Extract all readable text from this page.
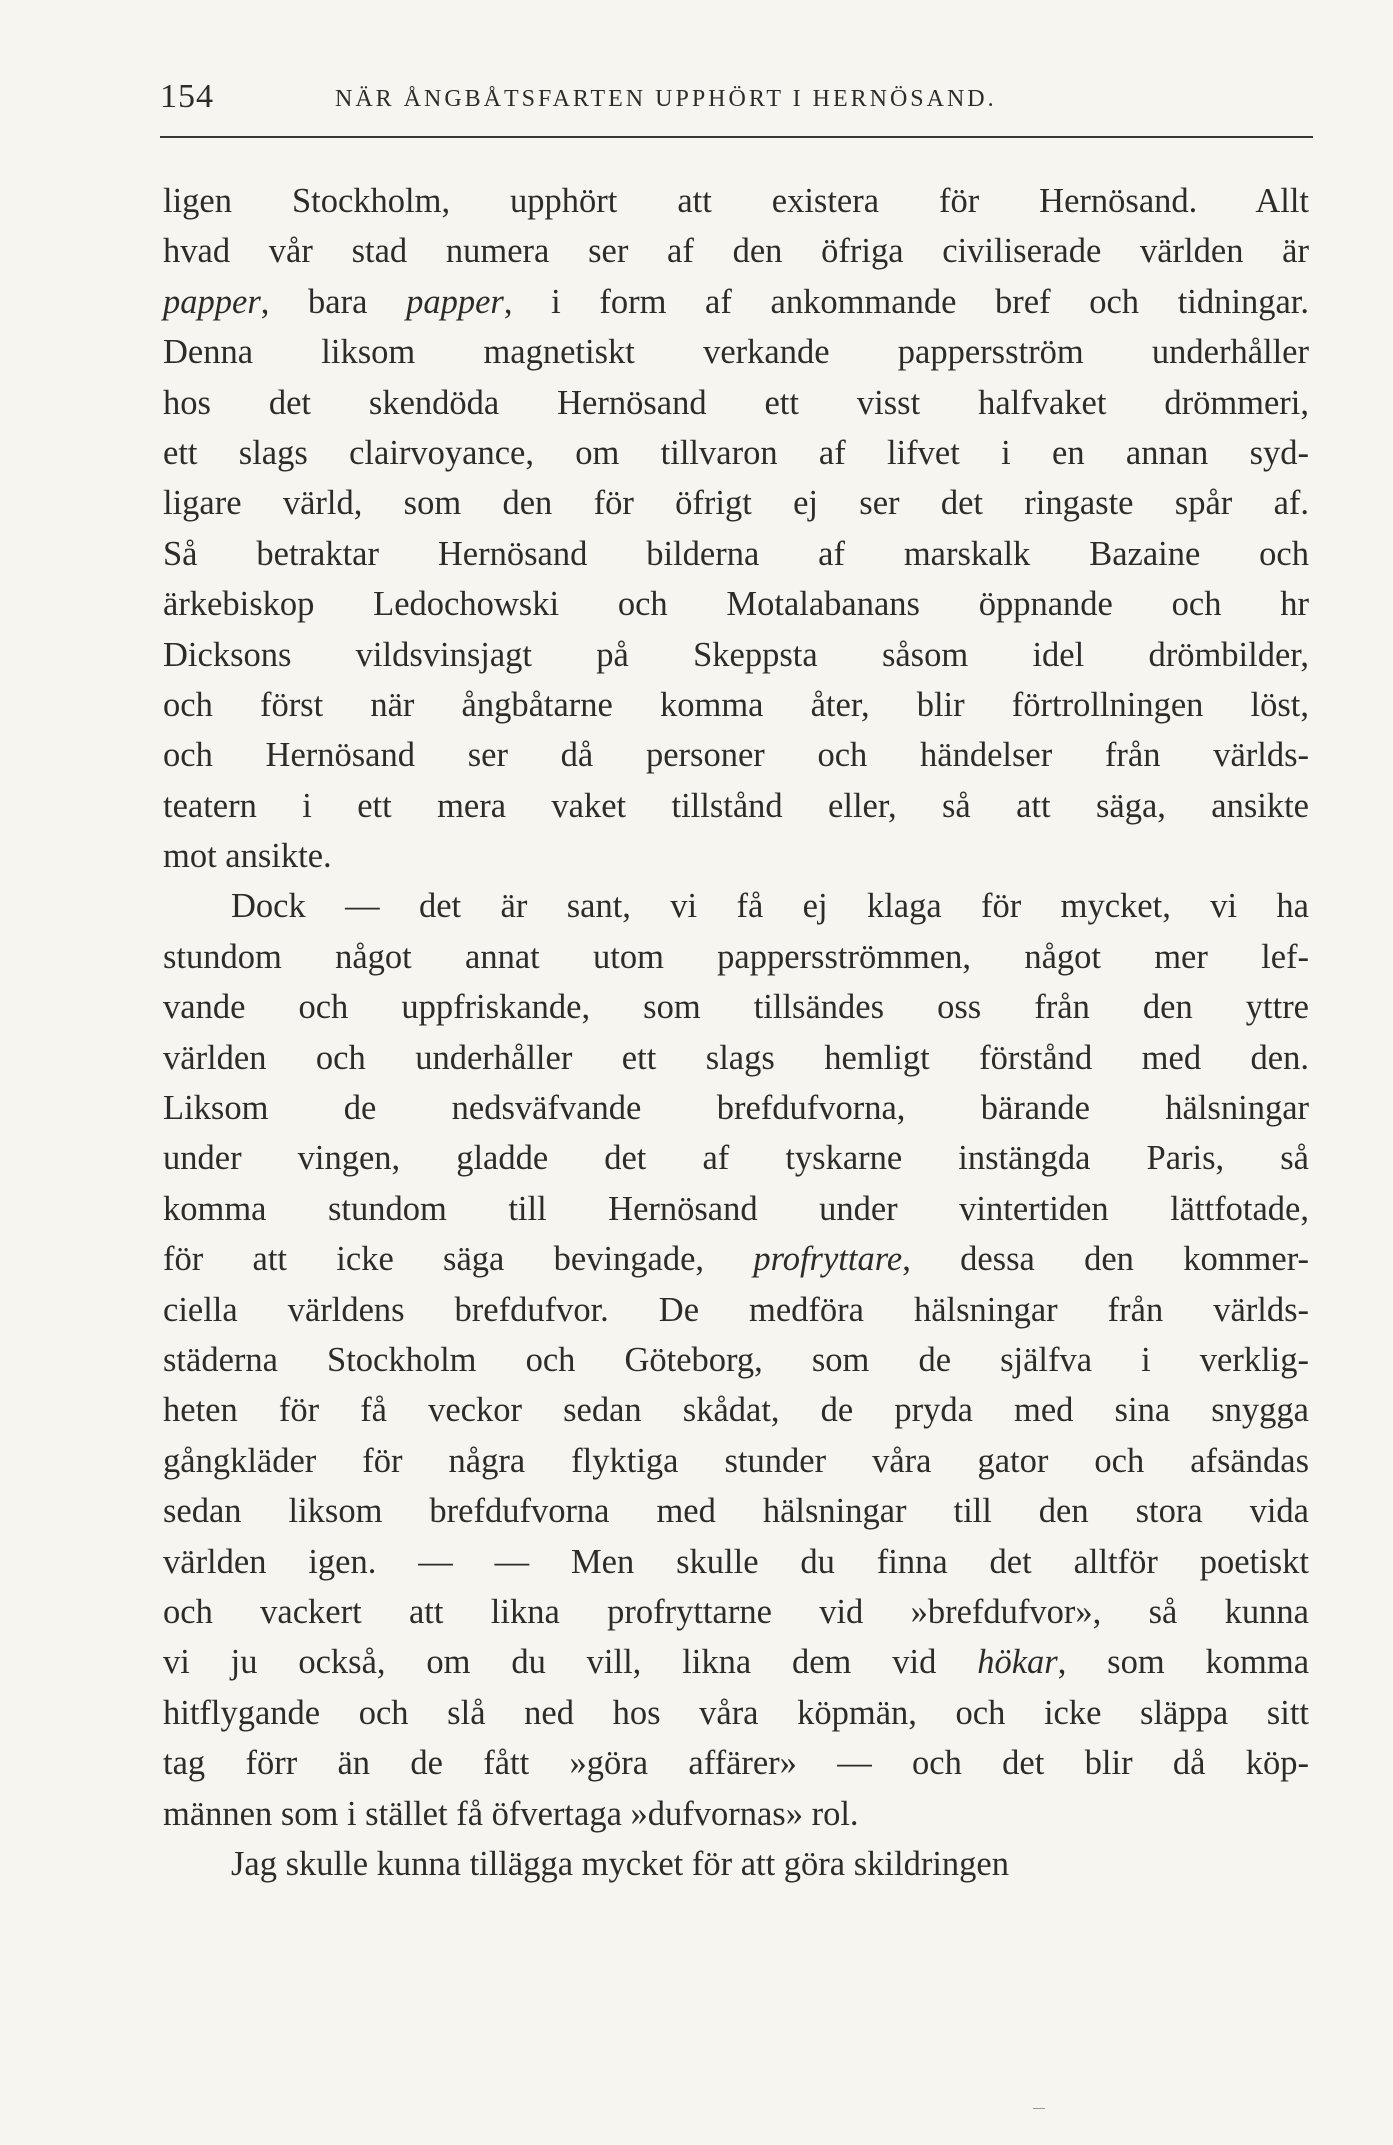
154	NÄR ÅNGBÅTSFARTEN UPPHÖRT I HERNÖSAND.
ligen Stockholm, upphört att existera för Hernösand. Allt
hvad vår stad numera ser af den öfriga civiliserade världen är
papper, bara papper, i form af ankommande bref och tidningar.
Denna liksom magnetiskt verkande pappersström underhåller
hos det skendöda Hernösand ett visst halfvaket drömmeri,
ett slags clairvoyance, om tillvaron af lifvet i en annan syd-
ligare värld, som den för öfrigt ej ser det ringaste spår af.
Så betraktar Hernösand bilderna af marskalk Bazaine och
ärkebiskop Ledochowski och Motalabanans öppnande och hr
Dicksons vildsvinsjagt på Skeppsta såsom idel drömbilder,
och först när ångbåtarne komma åter, blir förtrollningen löst,
och Hernösand ser då personer och händelser från världs-
teatern i ett mera vaket tillstånd eller, så att säga, ansikte
mot ansikte.
Dock — det är sant, vi få ej klaga för mycket, vi ha
stundom något annat utom pappersströmmen, något mer lef-
vande och uppfriskande, som tillsändes oss från den yttre
världen och underhåller ett slags hemligt förstånd med den.
Liksom de nedsväfvande brefdufvorna, bärande hälsningar
under vingen, gladde det af tyskarne instängda Paris, så
komma stundom till Hernösand under vintertiden lättfotade,
för att icke säga bevingade, profryttare, dessa den kommer-
ciella världens brefdufvor. De medföra hälsningar från världs-
städerna Stockholm och Göteborg, som de själfva i verklig-
heten för få veckor sedan skådat, de pryda med sina snygga
gångkläder för några flyktiga stunder våra gator och afsändas
sedan liksom brefdufvorna med hälsningar till den stora vida
världen igen. — — Men skulle du finna det alltför poetiskt
och vackert att likna profryttarne vid »brefdufvor», så kunna
vi ju också, om du vill, likna dem vid hökar, som komma
hitflygande och slå ned hos våra köpmän, och icke släppa sitt
tag förr än de fått »göra affärer» — och det blir då köp-
männen som i stället få öfvertaga »dufvornas» rol.
Jag skulle kunna tillägga mycket för att göra skildringen
